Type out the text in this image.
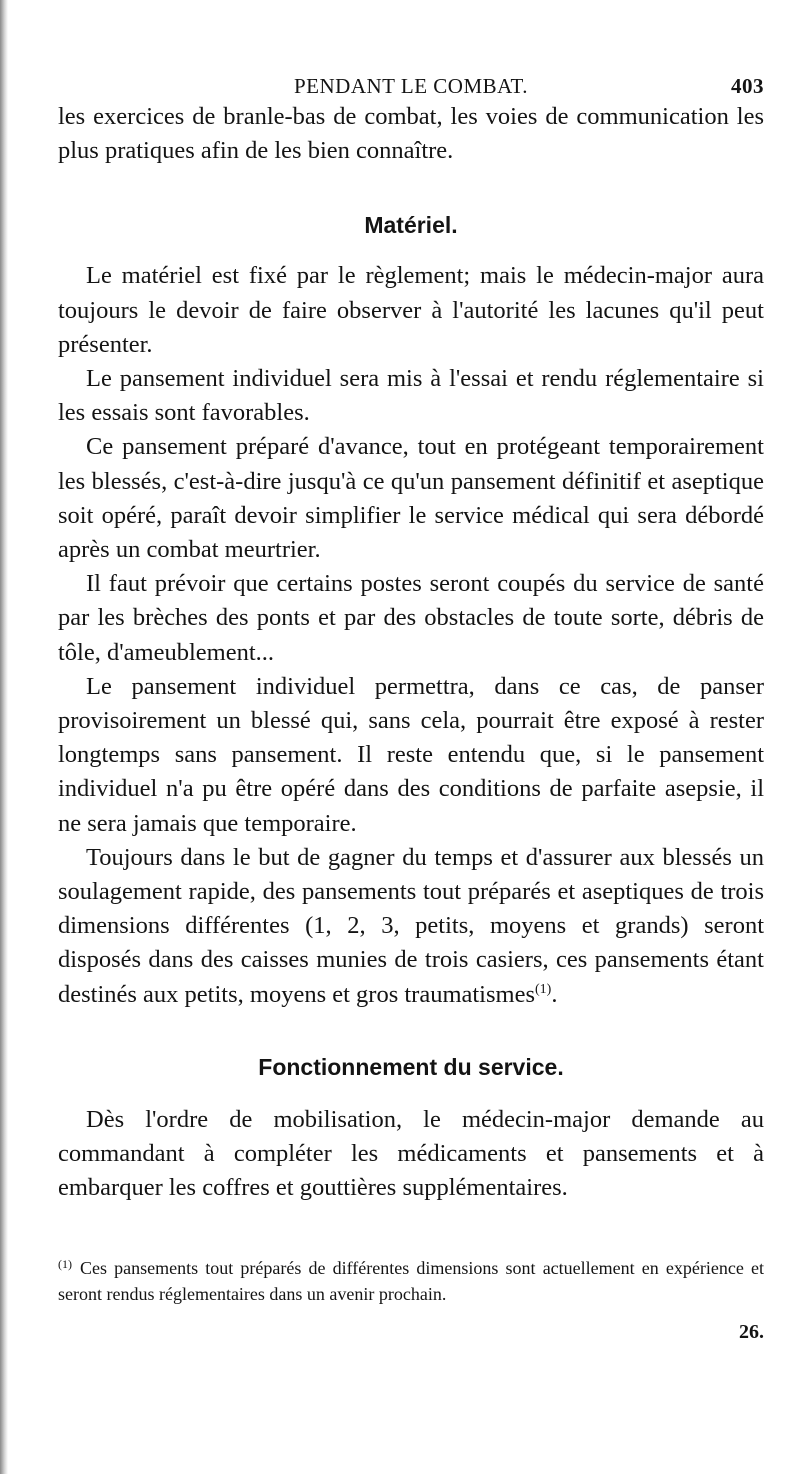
PENDANT LE COMBAT.	403

les exercices de branle-bas de combat, les voies de communication les plus pratiques afin de les bien connaître.

Matériel.

Le matériel est fixé par le règlement; mais le médecin-major aura toujours le devoir de faire observer à l'autorité les lacunes qu'il peut présenter.

Le pansement individuel sera mis à l'essai et rendu réglementaire si les essais sont favorables.

Ce pansement préparé d'avance, tout en protégeant temporairement les blessés, c'est-à-dire jusqu'à ce qu'un pansement définitif et aseptique soit opéré, paraît devoir simplifier le service médical qui sera débordé après un combat meurtrier.

Il faut prévoir que certains postes seront coupés du service de santé par les brèches des ponts et par des obstacles de toute sorte, débris de tôle, d'ameublement...

Le pansement individuel permettra, dans ce cas, de panser provisoirement un blessé qui, sans cela, pourrait être exposé à rester longtemps sans pansement. Il reste entendu que, si le pansement individuel n'a pu être opéré dans des conditions de parfaite asepsie, il ne sera jamais que temporaire.

Toujours dans le but de gagner du temps et d'assurer aux blessés un soulagement rapide, des pansements tout préparés et aseptiques de trois dimensions différentes (1, 2, 3, petits, moyens et grands) seront disposés dans des caisses munies de trois casiers, ces pansements étant destinés aux petits, moyens et gros traumatismes$^{(1)}$.

Fonctionnement du service.

Dès l'ordre de mobilisation, le médecin-major demande au commandant à compléter les médicaments et pansements et à embarquer les coffres et gouttières supplémentaires.

$^{(1)}$ Ces pansements tout préparés de différentes dimensions sont actuellement en expérience et seront rendus réglementaires dans un avenir prochain.
26.
